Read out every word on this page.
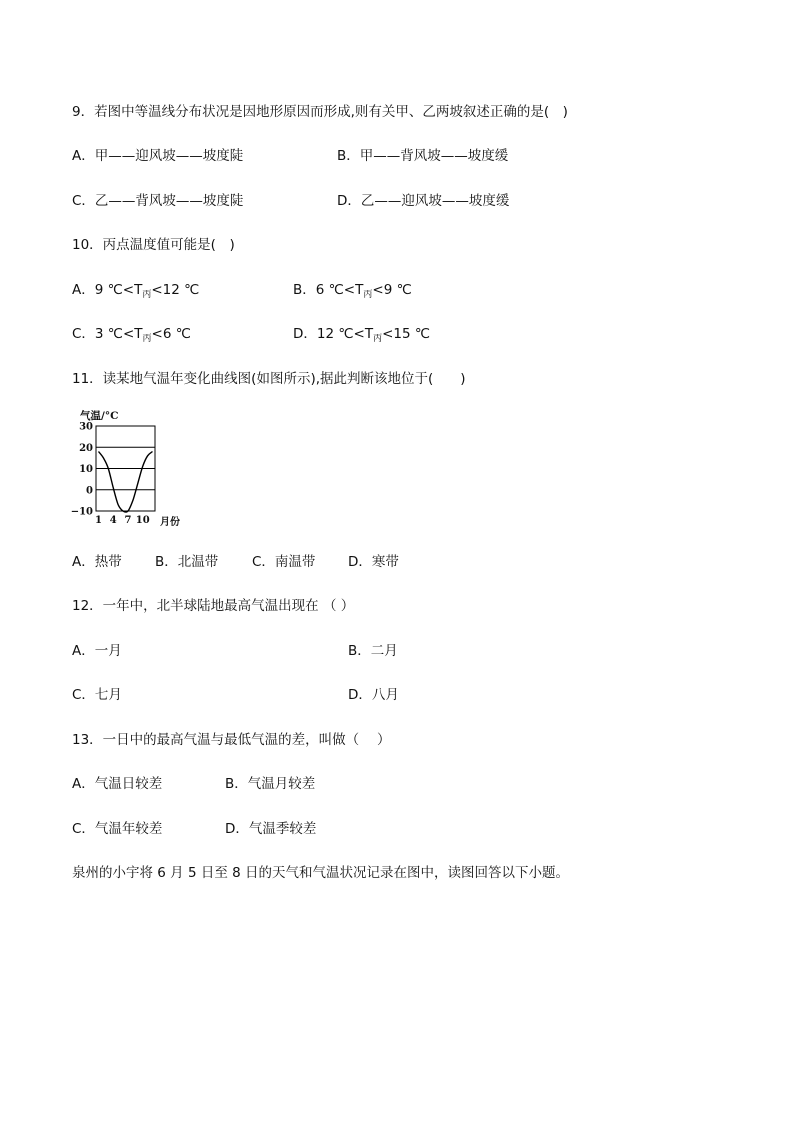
9．若图中等温线分布状况是因地形原因而形成,则有关甲、乙两坡叙述正确的是(　)
A．甲——迎风坡——坡度陡	B．甲——背风坡——坡度缓
C．乙——背风坡——坡度陡	D．乙——迎风坡——坡度缓
10．丙点温度值可能是(　)
A．9 $℃<T_丙<12$ ℃	B．6 $℃<T_丙<9$ ℃
C．3 $℃<T_丙<6$ ℃	D．12 $℃<T_丙<15$ ℃
11．读某地气温年变化曲线图(如图所示),据此判断该地位于(　　)
气温/°C
30
20
10
0
−10
1 4 7 10 月份
A．热带 B．北温带 C．南温带 D．寒带
12．一年中，北半球陆地最高气温出现在 （ ）
A．一月	B．二月
C．七月	D．八月
13．一日中的最高气温与最低气温的差，叫做（　 ）
A．气温日较差	B．气温月较差
C．气温年较差	D．气温季较差
泉州的小宇将 6 月 5 日至 8 日的天气和气温状况记录在图中，读图回答以下小题。
